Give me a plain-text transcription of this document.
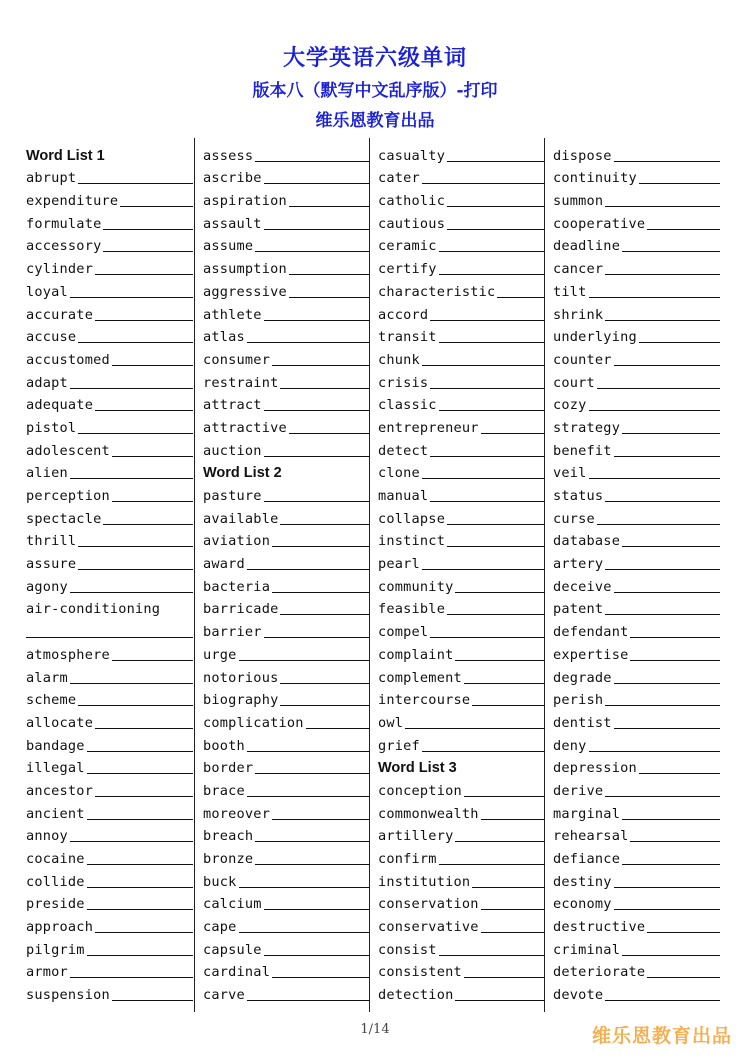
大学英语六级单词
版本八（默写中文乱序版）-打印
维乐恩教育出品
Word List 1
abrupt
expenditure
formulate
accessory
cylinder
loyal
accurate
accuse
accustomed
adapt
adequate
pistol
adolescent
alien
perception
spectacle
thrill
assure
agony
air-conditioning
atmosphere
alarm
scheme
allocate
bandage
illegal
ancestor
ancient
annoy
cocaine
collide
preside
approach
pilgrim
armor
suspension
assess
ascribe
aspiration
assault
assume
assumption
aggressive
athlete
atlas
consumer
restraint
attract
attractive
auction
Word List 2
pasture
available
aviation
award
bacteria
barricade
barrier
urge
notorious
biography
complication
booth
border
brace
moreover
breach
bronze
buck
calcium
cape
capsule
cardinal
carve
casualty
cater
catholic
cautious
ceramic
certify
characteristic
accord
transit
chunk
crisis
classic
entrepreneur
detect
clone
manual
collapse
instinct
pearl
community
feasible
compel
complaint
complement
intercourse
owl
grief
Word List 3
conception
commonwealth
artillery
confirm
institution
conservation
conservative
consist
consistent
detection
dispose
continuity
summon
cooperative
deadline
cancer
tilt
shrink
underlying
counter
court
cozy
strategy
benefit
veil
status
curse
database
artery
deceive
patent
defendant
expertise
degrade
perish
dentist
deny
depression
derive
marginal
rehearsal
defiance
destiny
economy
destructive
criminal
deteriorate
devote
1/14	维乐恩教育出品
